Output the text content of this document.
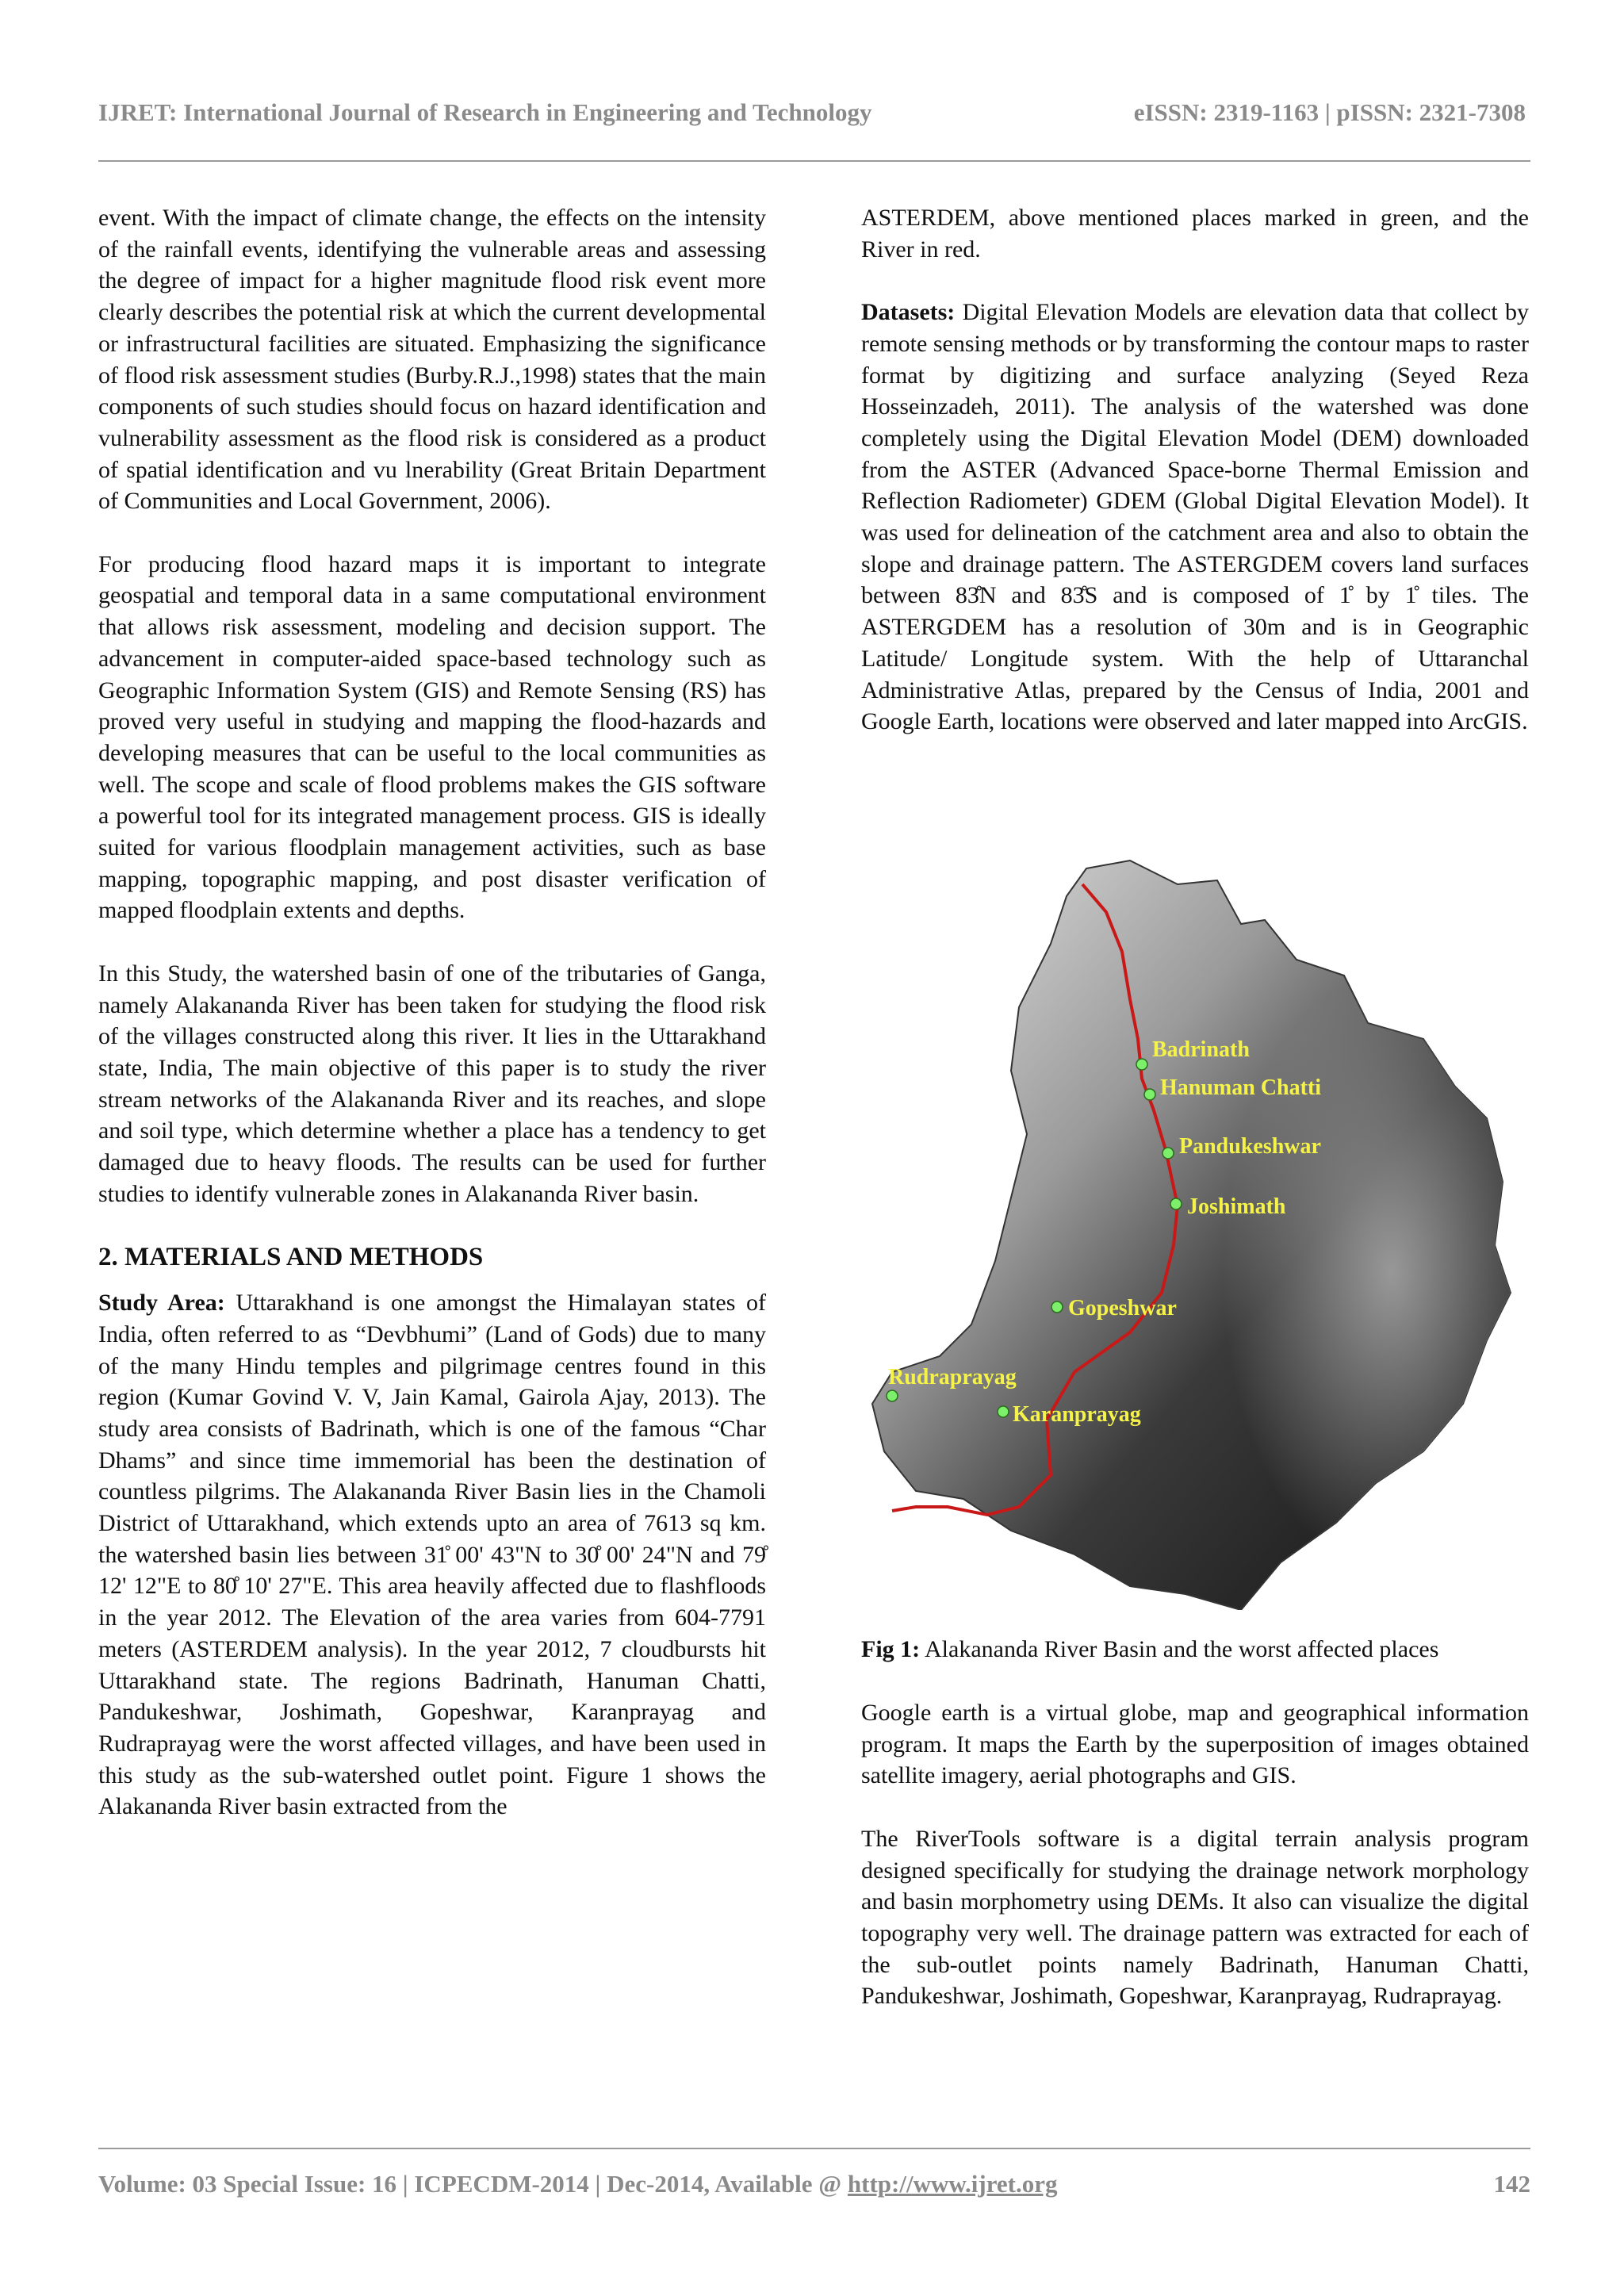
IJRET: International Journal of Research in Engineering and Technology	eISSN: 2319-1163 | pISSN: 2321-7308

event. With the impact of climate change, the effects on the intensity of the rainfall events, identifying the vulnerable areas and assessing the degree of impact for a higher magnitude flood risk event more clearly describes the potential risk at which the current developmental or infrastructural facilities are situated. Emphasizing the significance of flood risk assessment studies (Burby.R.J.,1998) states that the main components of such studies should focus on hazard identification and vulnerability assessment as the flood risk is considered as a product of spatial identification and vu lnerability (Great Britain Department of Communities and Local Government, 2006).

For producing flood hazard maps it is important to integrate geospatial and temporal data in a same computational environment that allows risk assessment, modeling and decision support. The advancement in computer-aided space-based technology such as Geographic Information System (GIS) and Remote Sensing (RS) has proved very useful in studying and mapping the flood-hazards and developing measures that can be useful to the local communities as well. The scope and scale of flood problems makes the GIS software a powerful tool for its integrated management process. GIS is ideally suited for various floodplain management activities, such as base mapping, topographic mapping, and post disaster verification of mapped floodplain extents and depths.

In this Study, the watershed basin of one of the tributaries of Ganga, namely Alakananda River has been taken for studying the flood risk of the villages constructed along this river. It lies in the Uttarakhand state, India, The main objective of this paper is to study the river stream networks of the Alakananda River and its reaches, and slope and soil type, which determine whether a place has a tendency to get damaged due to heavy floods. The results can be used for further studies to identify vulnerable zones in Alakananda River basin.

2. MATERIALS AND METHODS

Study Area: Uttarakhand is one amongst the Himalayan states of India, often referred to as “Devbhumi” (Land of Gods) due to many of the many Hindu temples and pilgrimage centres found in this region (Kumar Govind V. V, Jain Kamal, Gairola Ajay, 2013). The study area consists of Badrinath, which is one of the famous “Char Dhams” and since time immemorial has been the destination of countless pilgrims. The Alakananda River Basin lies in the Chamoli District of Uttarakhand, which extends upto an area of 7613 sq km. the watershed basin lies between 31̊ 00' 43"N to 30̊ 00' 24"N and 79̊ 12' 12"E to 80̊ 10' 27"E. This area heavily affected due to flashfloods in the year 2012. The Elevation of the area varies from 604-7791 meters (ASTERDEM analysis). In the year 2012, 7 cloudbursts hit Uttarakhand state. The regions Badrinath, Hanuman Chatti, Pandukeshwar, Joshimath, Gopeshwar, Karanprayag and Rudraprayag were the worst affected villages, and have been used in this study as the sub-watershed outlet point. Figure 1 shows the Alakananda River basin extracted from the

ASTERDEM, above mentioned places marked in green, and the River in red.

Datasets: Digital Elevation Models are elevation data that collect by remote sensing methods or by transforming the contour maps to raster format by digitizing and surface analyzing (Seyed Reza Hosseinzadeh, 2011). The analysis of the watershed was done completely using the Digital Elevation Model (DEM) downloaded from the ASTER (Advanced Space-borne Thermal Emission and Reflection Radiometer) GDEM (Global Digital Elevation Model). It was used for delineation of the catchment area and also to obtain the slope and drainage pattern. The ASTERGDEM covers land surfaces between 83̊N and 83̊S and is composed of 1̊ by 1̊ tiles. The ASTERGDEM has a resolution of 30m and is in Geographic Latitude/ Longitude system. With the help of Uttaranchal Administrative Atlas, prepared by the Census of India, 2001 and Google Earth, locations were observed and later mapped into ArcGIS.

Badrinath
Hanuman Chatti
Pandukeshwar
Joshimath
Gopeshwar
Rudraprayag
Karanprayag
Fig 1: Alakananda River Basin and the worst affected places

Google earth is a virtual globe, map and geographical information program. It maps the Earth by the superposition of images obtained satellite imagery, aerial photographs and GIS.

The RiverTools software is a digital terrain analysis program designed specifically for studying the drainage network morphology and basin morphometry using DEMs. It also can visualize the digital topography very well. The drainage pattern was extracted for each of the sub-outlet points namely Badrinath, Hanuman Chatti, Pandukeshwar, Joshimath, Gopeshwar, Karanprayag, Rudraprayag.

Volume: 03 Special Issue: 16 | ICPECDM-2014 | Dec-2014, Available @ http://www.ijret.org	142
